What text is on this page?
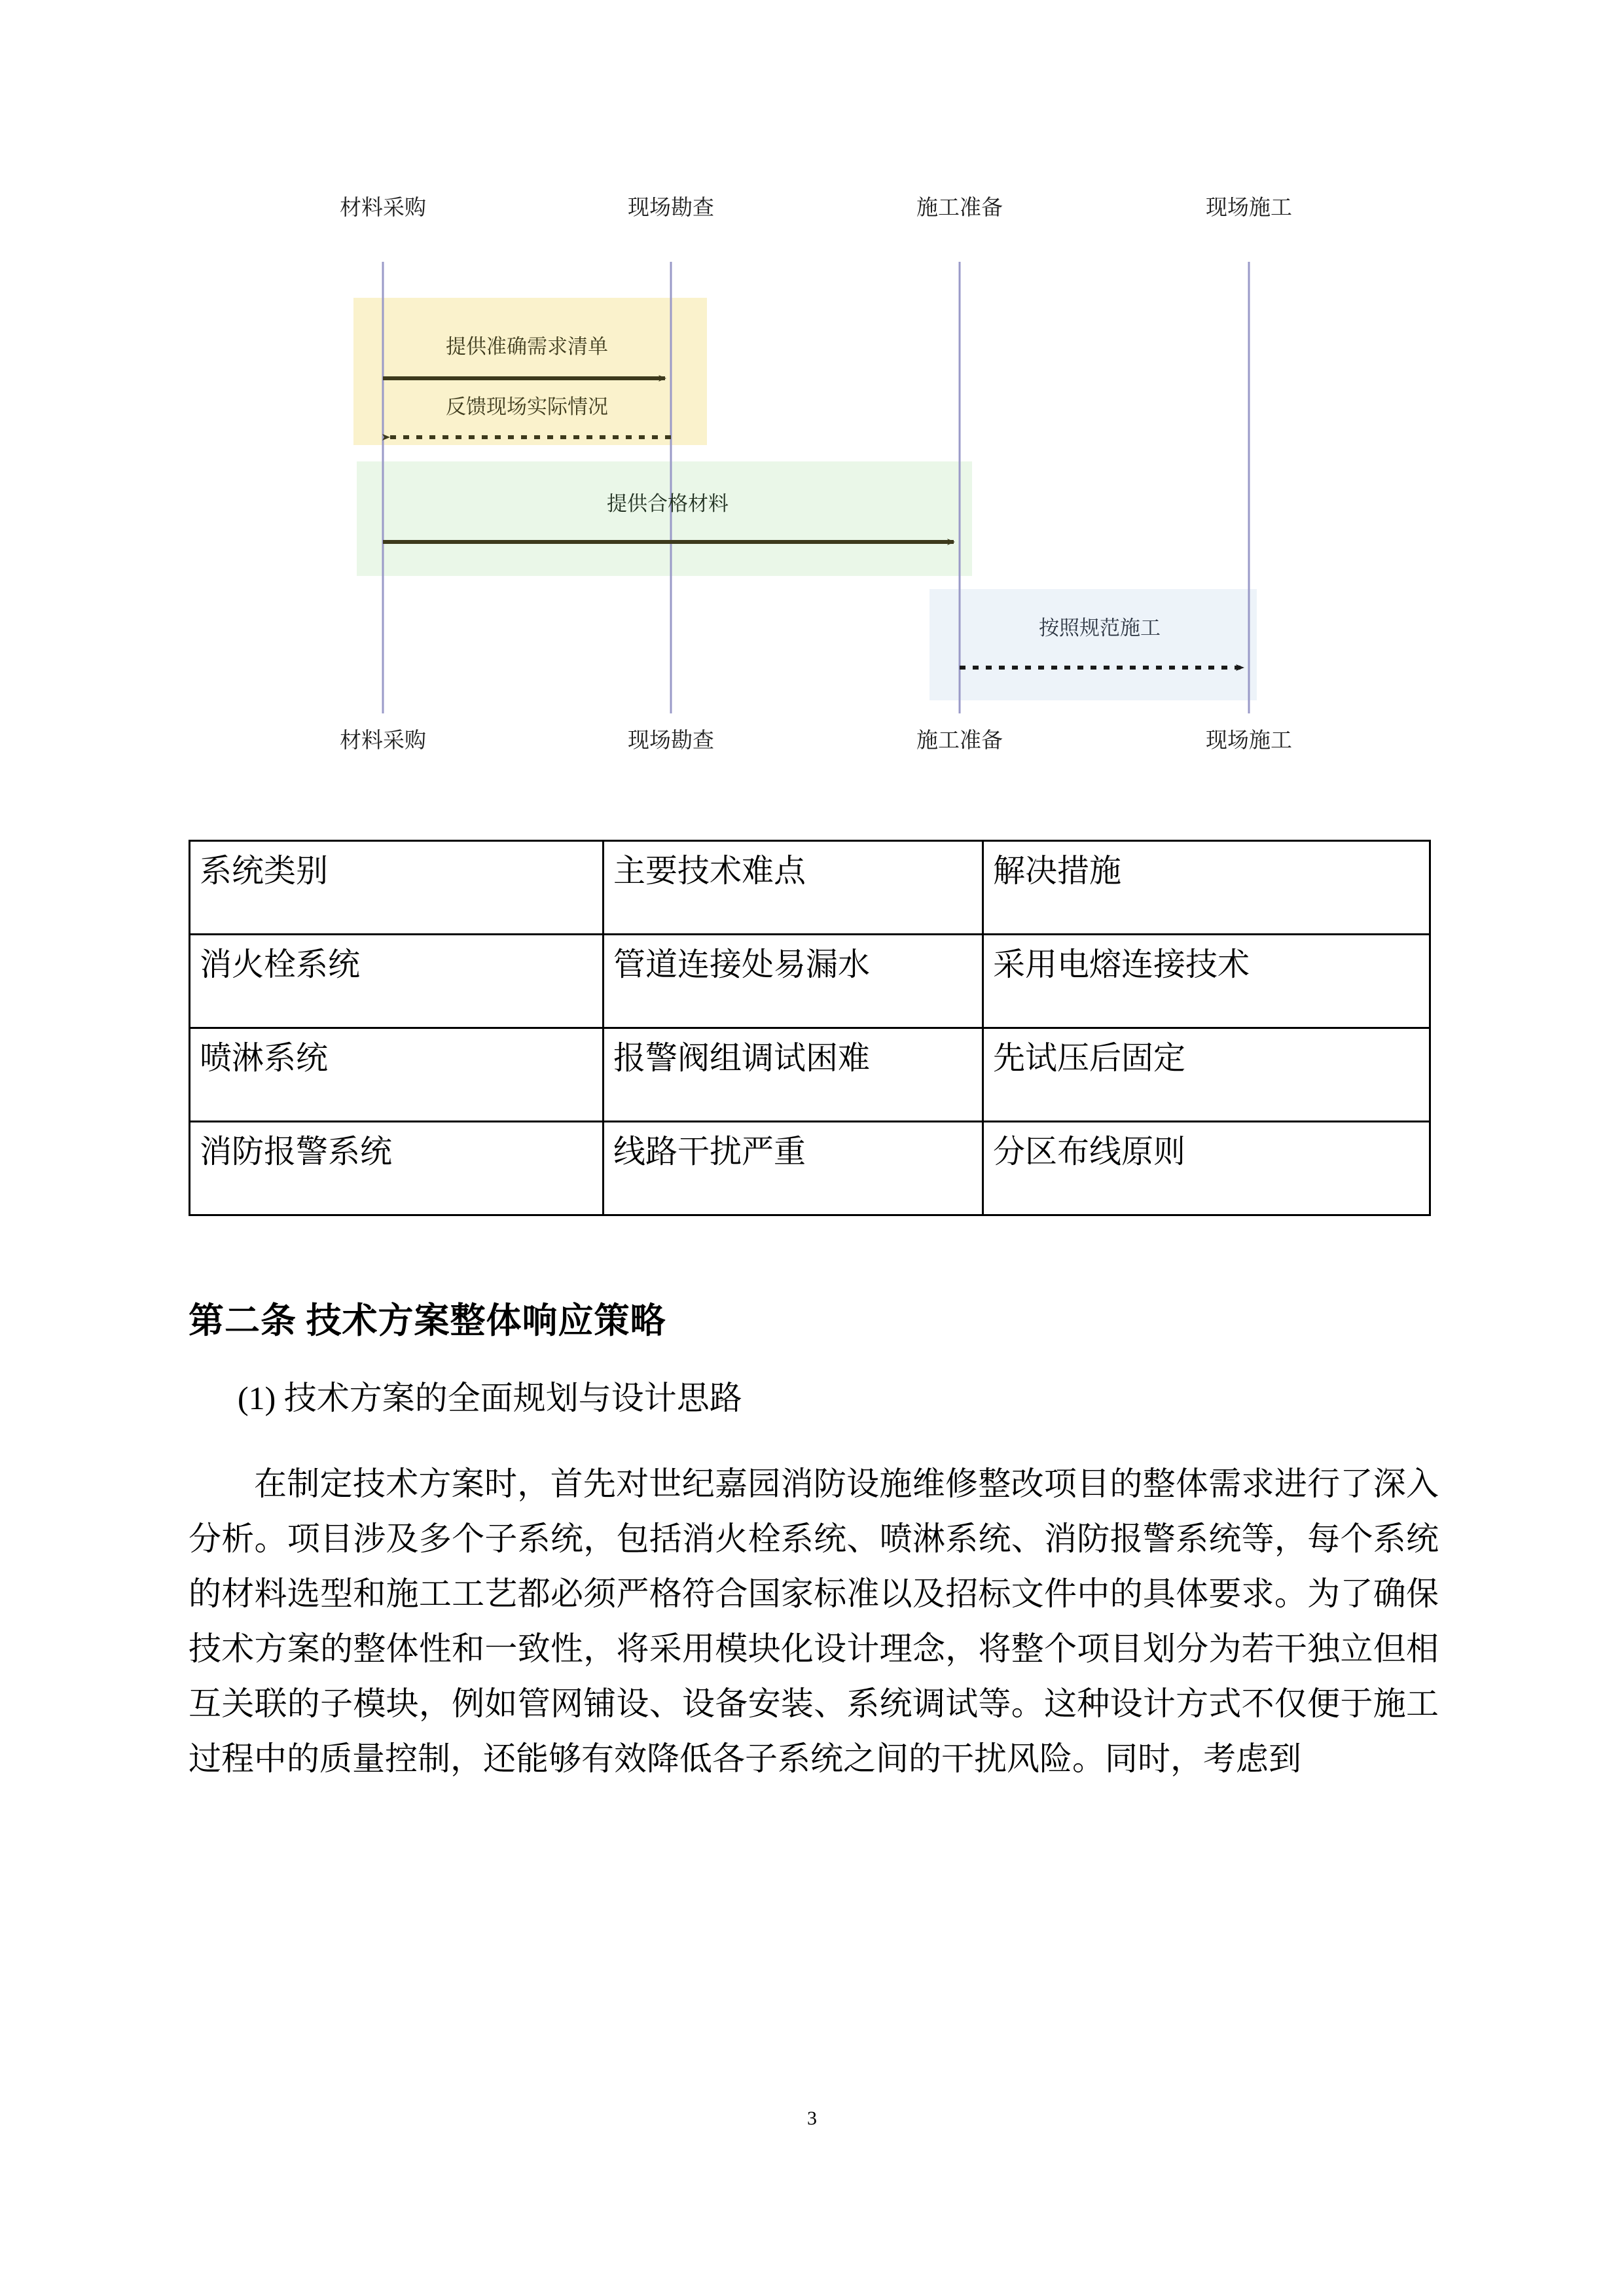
材料采购	现场勘查	施工准备	现场施工
提供准确需求清单
反馈现场实际情况
提供合格材料
按照规范施工
材料采购	现场勘查	施工准备	现场施工
系统类别	主要技术难点	解决措施
消火栓系统	管道连接处易漏水	采用电熔连接技术
喷淋系统	报警阀组调试困难	先试压后固定
消防报警系统	线路干扰严重	分区布线原则
第二条 技术方案整体响应策略
(1) 技术方案的全面规划与设计思路
在制定技术方案时，首先对世纪嘉园消防设施维修整改项目的整体需求进行了深入分析。项目涉及多个子系统，包括消火栓系统、喷淋系统、消防报警系统等，每个系统的材料选型和施工工艺都必须严格符合国家标准以及招标文件中的具体要求。为了确保技术方案的整体性和一致性，将采用模块化设计理念，将整个项目划分为若干独立但相互关联的子模块，例如管网铺设、设备安装、系统调试等。这种设计方式不仅便于施工过程中的质量控制，还能够有效降低各子系统之间的干扰风险。同时，考虑到
3
